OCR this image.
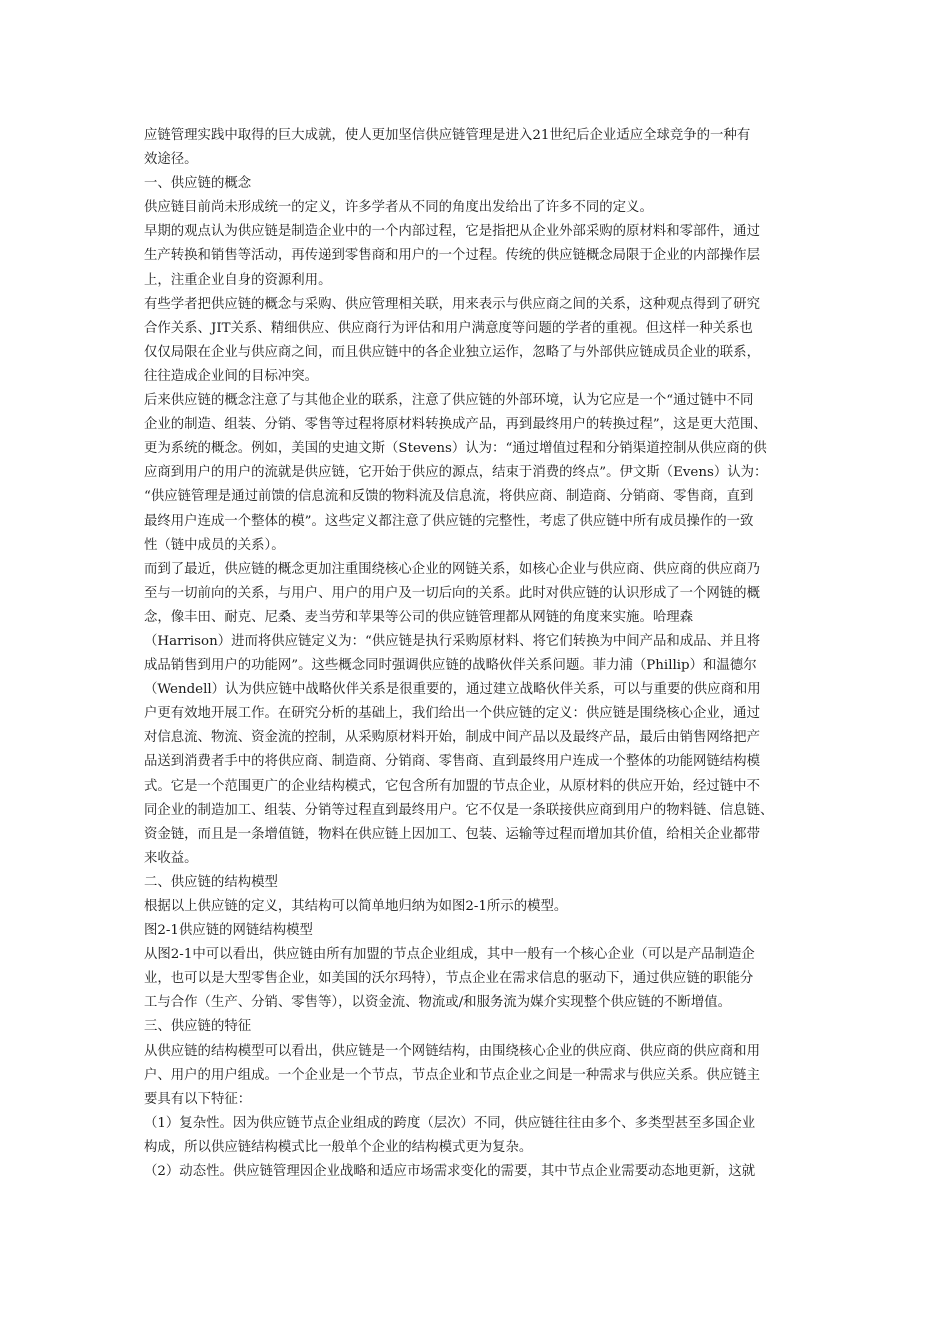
应链管理实践中取得的巨大成就，使人更加坚信供应链管理是进入21世纪后企业适应全球竞争的一种有
效途径。
一、供应链的概念
供应链目前尚未形成统一的定义，许多学者从不同的角度出发给出了许多不同的定义。
早期的观点认为供应链是制造企业中的一个内部过程，它是指把从企业外部采购的原材料和零部件，通过
生产转换和销售等活动，再传递到零售商和用户的一个过程。传统的供应链概念局限于企业的内部操作层
上，注重企业自身的资源利用。
有些学者把供应链的概念与采购、供应管理相关联，用来表示与供应商之间的关系，这种观点得到了研究
合作关系、JIT关系、精细供应、供应商行为评估和用户满意度等问题的学者的重视。但这样一种关系也
仅仅局限在企业与供应商之间，而且供应链中的各企业独立运作，忽略了与外部供应链成员企业的联系，
往往造成企业间的目标冲突。
后来供应链的概念注意了与其他企业的联系，注意了供应链的外部环境，认为它应是一个“通过链中不同
企业的制造、组装、分销、零售等过程将原材料转换成产品，再到最终用户的转换过程”，这是更大范围、
更为系统的概念。例如，美国的史迪文斯（Stevens）认为：“通过增值过程和分销渠道控制从供应商的供
应商到用户的用户的流就是供应链，它开始于供应的源点，结束于消费的终点”。伊文斯（Evens）认为：
“供应链管理是通过前馈的信息流和反馈的物料流及信息流，将供应商、制造商、分销商、零售商，直到
最终用户连成一个整体的模”。这些定义都注意了供应链的完整性，考虑了供应链中所有成员操作的一致
性（链中成员的关系）。
而到了最近，供应链的概念更加注重围绕核心企业的网链关系，如核心企业与供应商、供应商的供应商乃
至与一切前向的关系，与用户、用户的用户及一切后向的关系。此时对供应链的认识形成了一个网链的概
念，像丰田、耐克、尼桑、麦当劳和苹果等公司的供应链管理都从网链的角度来实施。哈理森
（Harrison）进而将供应链定义为：“供应链是执行采购原材料、将它们转换为中间产品和成品、并且将
成品销售到用户的功能网”。这些概念同时强调供应链的战略伙伴关系问题。菲力浦（Phillip）和温德尔
（Wendell）认为供应链中战略伙伴关系是很重要的，通过建立战略伙伴关系，可以与重要的供应商和用
户更有效地开展工作。在研究分析的基础上，我们给出一个供应链的定义：供应链是围绕核心企业，通过
对信息流、物流、资金流的控制，从采购原材料开始，制成中间产品以及最终产品，最后由销售网络把产
品送到消费者手中的将供应商、制造商、分销商、零售商、直到最终用户连成一个整体的功能网链结构模
式。它是一个范围更广的企业结构模式，它包含所有加盟的节点企业，从原材料的供应开始，经过链中不
同企业的制造加工、组装、分销等过程直到最终用户。它不仅是一条联接供应商到用户的物料链、信息链、
资金链，而且是一条增值链，物料在供应链上因加工、包装、运输等过程而增加其价值，给相关企业都带
来收益。
二、供应链的结构模型
根据以上供应链的定义，其结构可以简单地归纳为如图2-1所示的模型。
图2-1供应链的网链结构模型
从图2-1中可以看出，供应链由所有加盟的节点企业组成，其中一般有一个核心企业（可以是产品制造企
业，也可以是大型零售企业，如美国的沃尔玛特），节点企业在需求信息的驱动下，通过供应链的职能分
工与合作（生产、分销、零售等），以资金流、物流或/和服务流为媒介实现整个供应链的不断增值。
三、供应链的特征
从供应链的结构模型可以看出，供应链是一个网链结构，由围绕核心企业的供应商、供应商的供应商和用
户、用户的用户组成。一个企业是一个节点，节点企业和节点企业之间是一种需求与供应关系。供应链主
要具有以下特征：
（1）复杂性。因为供应链节点企业组成的跨度（层次）不同，供应链往往由多个、多类型甚至多国企业
构成，所以供应链结构模式比一般单个企业的结构模式更为复杂。
（2）动态性。供应链管理因企业战略和适应市场需求变化的需要，其中节点企业需要动态地更新，这就
